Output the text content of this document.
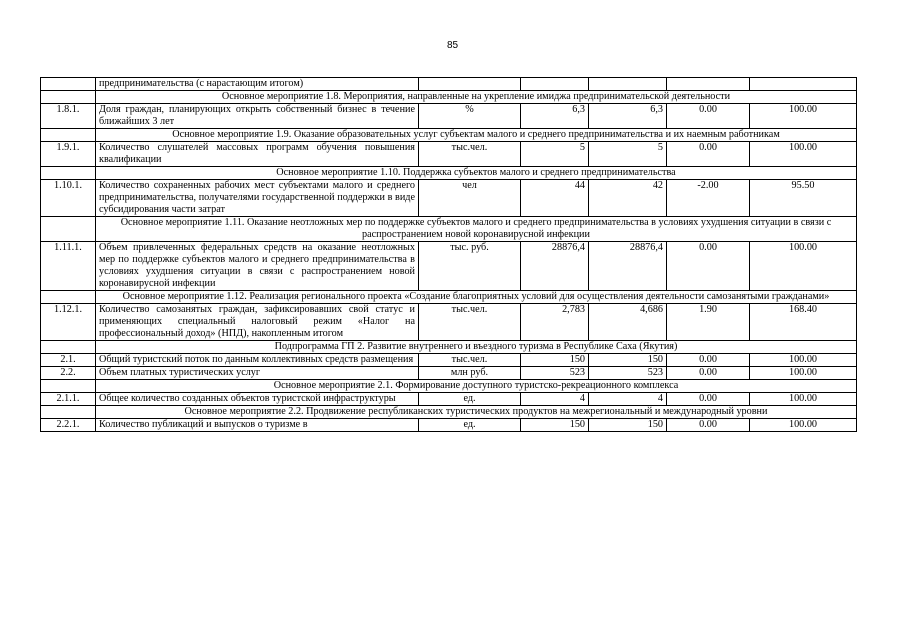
85
	предпринимательства (с нарастающим итогом)					
	Основное мероприятие 1.8. Мероприятия, направленные на укрепление имиджа предпринимательской деятельности					
1.8.1.	Доля граждан, планирующих открыть собственный бизнес в течение ближайших 3 лет	%	6,3	6,3	0.00	100.00
	Основное мероприятие 1.9. Оказание образовательных услуг субъектам малого и среднего предпринимательства и их наемным работникам					
1.9.1.	Количество слушателей массовых программ обучения повышения квалификации	тыс.чел.	5	5	0.00	100.00
	Основное мероприятие 1.10. Поддержка субъектов малого и среднего предпринимательства					
1.10.1.	Количество сохраненных рабочих мест субъектами малого и среднего предпринимательства, получателями государственной поддержки в виде субсидирования части затрат	чел	44	42	-2.00	95.50
	Основное мероприятие 1.11. Оказание неотложных мер по поддержке субъектов малого и среднего предпринимательства в условиях ухудшения ситуации в связи с распространением новой коронавирусной инфекции					
1.11.1.	Объем привлеченных федеральных средств на оказание неотложных мер по поддержке субъектов малого и среднего предпринимательства в условиях ухудшения ситуации в связи с распространением новой коронавирусной инфекции	тыс. руб.	28876,4	28876,4	0.00	100.00
	Основное мероприятие 1.12. Реализация регионального проекта «Создание благоприятных условий для осуществления деятельности самозанятыми гражданами»					
1.12.1.	Количество самозанятых граждан, зафиксировавших свой статус и применяющих специальный налоговый режим «Налог на профессиональный доход» (НПД), накопленным итогом	тыс.чел.	2,783	4,686	1.90	168.40
	Подпрограмма ГП 2. Развитие внутреннего и въездного туризма в Республике Саха (Якутия)					
2.1.	Общий туристский поток по данным коллективных средств размещения	тыс.чел.	150	150	0.00	100.00
2.2.	Объем платных туристических услуг	млн руб.	523	523	0.00	100.00
	Основное мероприятие 2.1. Формирование доступного туристско-рекреационного комплекса					
2.1.1.	Общее количество созданных объектов туристской инфраструктуры	ед.	4	4	0.00	100.00
	Основное мероприятие 2.2. Продвижение республиканских туристических продуктов на межрегиональный и международный уровни					
2.2.1.	Количество публикаций и выпусков о туризме в	ед.	150	150	0.00	100.00
